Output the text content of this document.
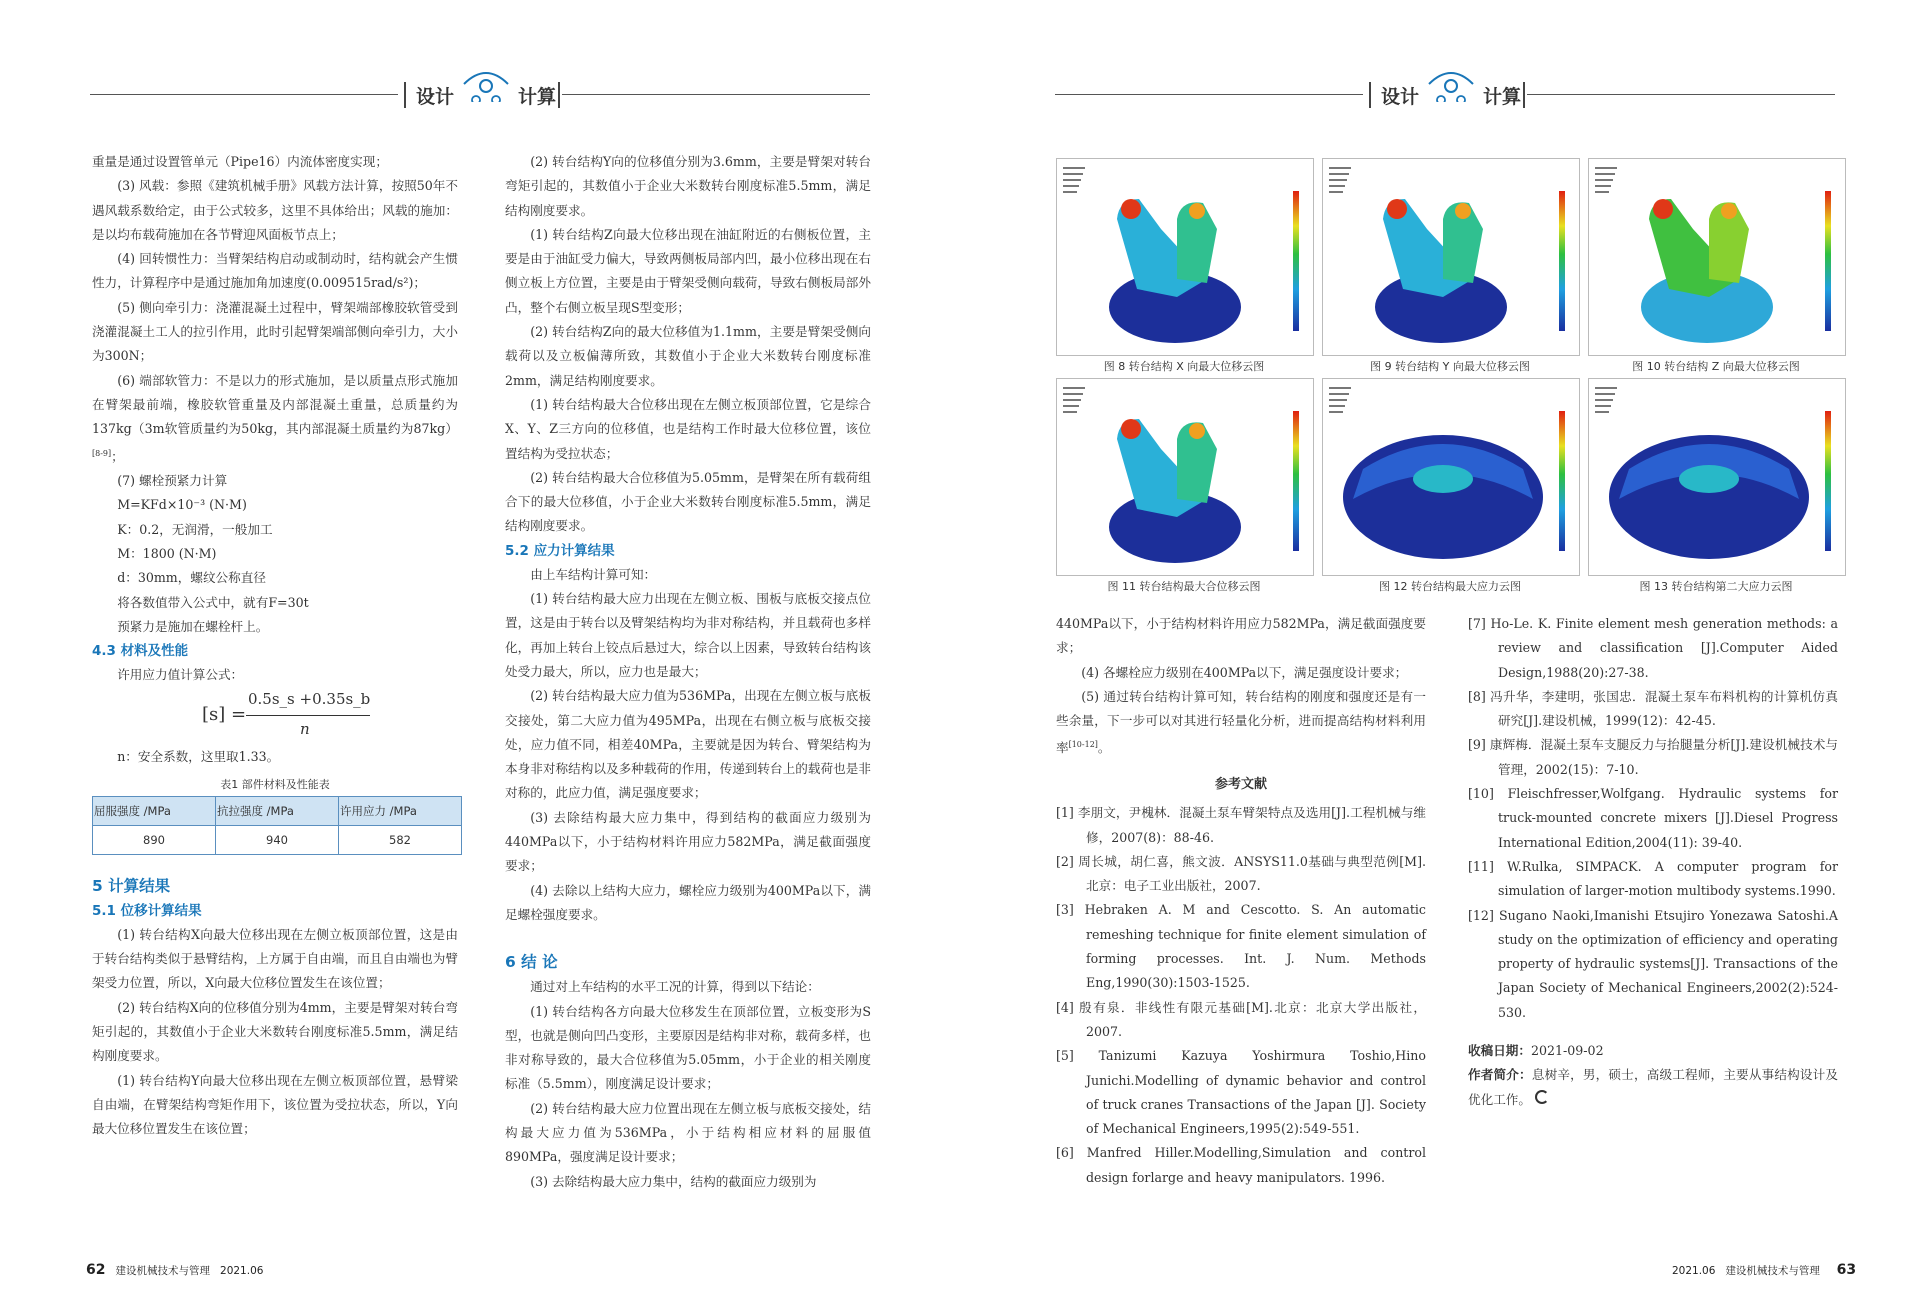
设计	计算

重量是通过设置管单元（Pipe16）内流体密度实现；

(3) 风载：参照《建筑机械手册》风载方法计算，按照50年不遇风载系数给定，由于公式较多，这里不具体给出；风载的施加：是以均布载荷施加在各节臂迎风面板节点上；

(4) 回转惯性力：当臂架结构启动或制动时，结构就会产生惯性力，计算程序中是通过施加角加速度(0.009515rad/s²)；

(5) 侧向牵引力：浇灌混凝土过程中，臂架端部橡胶软管受到浇灌混凝土工人的拉引作用，此时引起臂架端部侧向牵引力，大小为300N；

(6) 端部软管力：不是以力的形式施加，是以质量点形式施加在臂架最前端，橡胶软管重量及内部混凝土重量，总质量约为137kg（3m软管质量约为50kg，其内部混凝土质量约为87kg）[8-9]；

(7) 螺栓预紧力计算

M=KFd×10⁻³ (N·M)

K：0.2，无润滑，一般加工

M：1800 (N·M)

d：30mm，螺纹公称直径

将各数值带入公式中，就有F=30t

预紧力是施加在螺栓杆上。

4.3 材料及性能

许用应力值计算公式：

[s] =
0.5s_s +0.35s_b
n

n：安全系数，这里取1.33。

表1 部件材料及性能表
屈服强度 /MPa	抗拉强度 /MPa	许用应力 /MPa
890	940	582

5 计算结果

5.1 位移计算结果

(1) 转台结构X向最大位移出现在左侧立板顶部位置，这是由于转台结构类似于悬臂结构，上方属于自由端，而且自由端也为臂架受力位置，所以，X向最大位移位置发生在该位置；

(2) 转台结构X向的位移值分别为4mm，主要是臂架对转台弯矩引起的，其数值小于企业大米数转台刚度标准5.5mm，满足结构刚度要求。

(1) 转台结构Y向最大位移出现在左侧立板顶部位置，悬臂梁自由端，在臂架结构弯矩作用下，该位置为受拉状态，所以，Y向最大位移位置发生在该位置；

(2) 转台结构Y向的位移值分别为3.6mm，主要是臂架对转台弯矩引起的，其数值小于企业大米数转台刚度标准5.5mm，满足结构刚度要求。

(1) 转台结构Z向最大位移出现在油缸附近的右侧板位置，主要是由于油缸受力偏大，导致两侧板局部内凹，最小位移出现在右侧立板上方位置，主要是由于臂架受侧向载荷，导致右侧板局部外凸，整个右侧立板呈现S型变形；

(2) 转台结构Z向的最大位移值为1.1mm，主要是臂架受侧向载荷以及立板偏薄所致，其数值小于企业大米数转台刚度标准2mm，满足结构刚度要求。

(1) 转台结构最大合位移出现在左侧立板顶部位置，它是综合X、Y、Z三方向的位移值，也是结构工作时最大位移位置，该位置结构为受拉状态；

(2) 转台结构最大合位移值为5.05mm，是臂架在所有载荷组合下的最大位移值，小于企业大米数转台刚度标准5.5mm，满足结构刚度要求。

5.2 应力计算结果

由上车结构计算可知：

(1) 转台结构最大应力出现在左侧立板、围板与底板交接点位置，这是由于转台以及臂架结构均为非对称结构，并且载荷也多样化，再加上转台上铰点后悬过大，综合以上因素，导致转台结构该处受力最大，所以，应力也是最大；

(2) 转台结构最大应力值为536MPa，出现在左侧立板与底板交接处，第二大应力值为495MPa，出现在右侧立板与底板交接处，应力值不同，相差40MPa，主要就是因为转台、臂架结构为本身非对称结构以及多种载荷的作用，传递到转台上的载荷也是非对称的，此应力值，满足强度要求；

(3) 去除结构最大应力集中，得到结构的截面应力级别为440MPa以下，小于结构材料许用应力582MPa，满足截面强度要求；

(4) 去除以上结构大应力，螺栓应力级别为400MPa以下，满足螺栓强度要求。

6 结 论

通过对上车结构的水平工况的计算，得到以下结论：

(1) 转台结构各方向最大位移发生在顶部位置，立板变形为S型，也就是侧向凹凸变形，主要原因是结构非对称，载荷多样，也非对称导致的，最大合位移值为5.05mm，小于企业的相关刚度标准（5.5mm），刚度满足设计要求；

(2) 转台结构最大应力位置出现在左侧立板与底板交接处，结构最大应力值为536MPa，小于结构相应材料的屈服值890MPa，强度满足设计要求；

(3) 去除结构最大应力集中，结构的截面应力级别为

62 建设机械技术与管理 2021.06
设计	计算
图 8 转台结构 X 向最大位移云图	图 9 转台结构 Y 向最大位移云图	图 10 转台结构 Z 向最大位移云图
图 11 转台结构最大合位移云图	图 12 转台结构最大应力云图	图 13 转台结构第二大应力云图

440MPa以下，小于结构材料许用应力582MPa，满足截面强度要求；

(4) 各螺栓应力级别在400MPa以下，满足强度设计要求；

(5) 通过转台结构计算可知，转台结构的刚度和强度还是有一些余量，下一步可以对其进行轻量化分析，进而提高结构材料利用率[10-12]。

参考文献

[1] 李朋文，尹槐林．混凝土泵车臂架特点及选用[J].工程机械与维修，2007(8)：88-46.

[2] 周长城，胡仁喜，熊文波．ANSYS11.0基础与典型范例[M].北京：电子工业出版社，2007.

[3] Hebraken A. M and Cescotto. S. An automatic remeshing technique for finite element simulation of forming processes. Int. J. Num. Methods Eng,1990(30):1503-1525.

[4] 殷有泉．非线性有限元基础[M].北京：北京大学出版社，2007.

[5] Tanizumi Kazuya Yoshirmura Toshio,Hino Junichi.Modelling of dynamic behavior and control of truck cranes Transactions of the Japan [J]. Society of Mechanical Engineers,1995(2):549-551.

[6] Manfred Hiller.Modelling,Simulation and control design forlarge and heavy manipulators. 1996.

[7] Ho-Le. K. Finite element mesh generation methods: a review and classification [J].Computer Aided Design,1988(20):27-38.

[8] 冯升华，李建明，张国忠．混凝土泵车布料机构的计算机仿真研究[J].建设机械，1999(12)：42-45.

[9] 康辉梅．混凝土泵车支腿反力与抬腿量分析[J].建设机械技术与管理，2002(15)：7-10.

[10] Fleischfresser,Wolfgang. Hydraulic systems for truck-mounted concrete mixers [J].Diesel Progress International Edition,2004(11): 39-40.

[11] W.Rulka, SIMPACK. A computer program for simulation of larger-motion multibody systems.1990.

[12] Sugano Naoki,Imanishi Etsujiro Yonezawa Satoshi.A study on the optimization of efficiency and operating property of hydraulic systems[J]. Transactions of the Japan Society of Mechanical Engineers,2002(2):524-530.

收稿日期：2021-09-02

作者简介：息树辛，男，硕士，高级工程师，主要从事结构设计及优化工作。

2021.06 建设机械技术与管理 63
